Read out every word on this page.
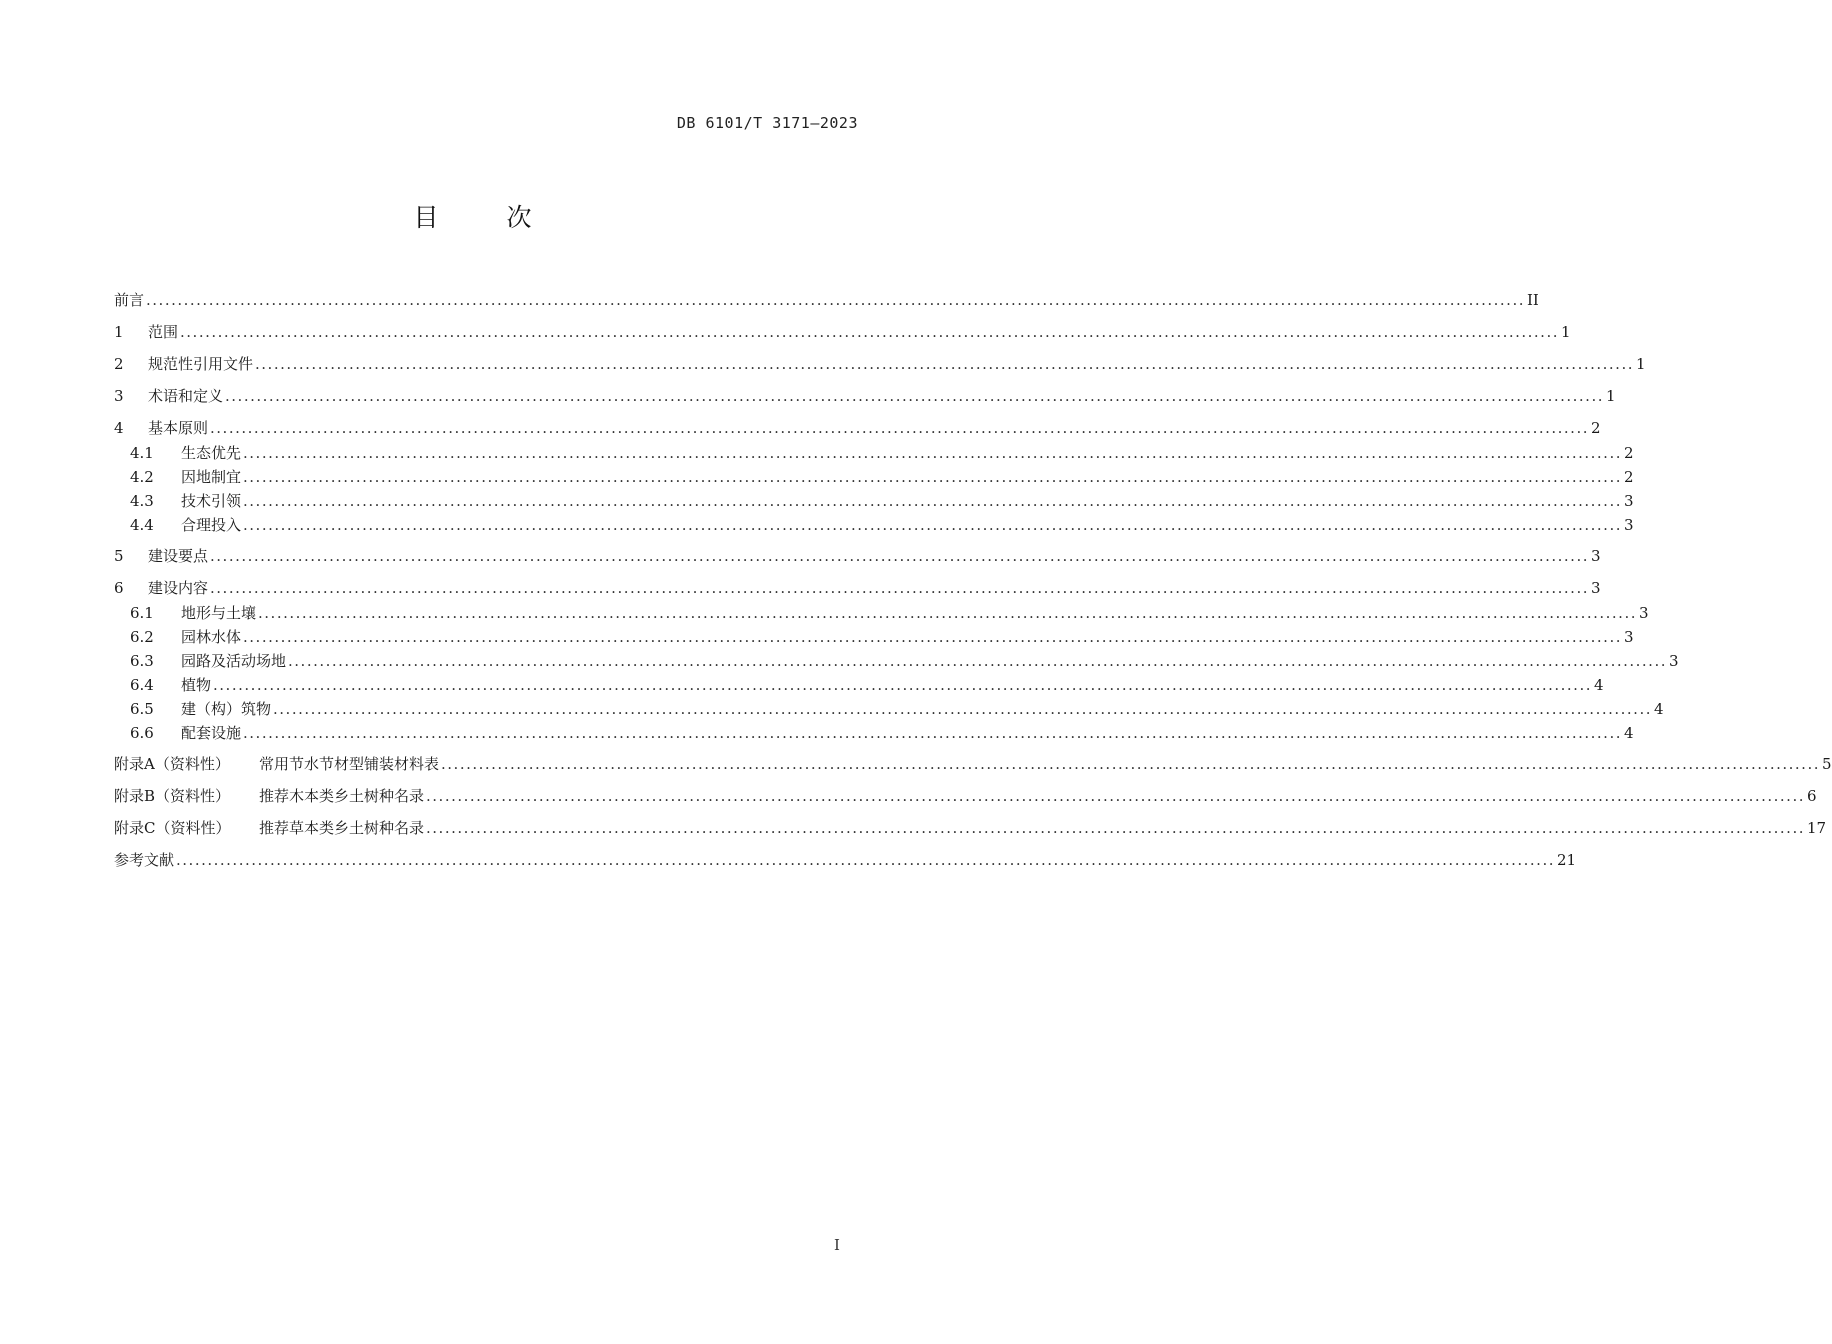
DB 6101/T 3171—2023
目 次
前言 ............................................................................................................................................................................................................................ II
1	范围 ............................................................................................................................................................................................................................ 1
2	规范性引用文件 ............................................................................................................................................................................................................................ 1
3	术语和定义 ............................................................................................................................................................................................................................ 1
4	基本原则 ............................................................................................................................................................................................................................ 2
4.1	生态优先 ............................................................................................................................................................................................................................ 2
4.2	因地制宜 ............................................................................................................................................................................................................................ 2
4.3	技术引领 ............................................................................................................................................................................................................................ 3
4.4	合理投入 ............................................................................................................................................................................................................................ 3
5	建设要点 ............................................................................................................................................................................................................................ 3
6	建设内容 ............................................................................................................................................................................................................................ 3
6.1	地形与土壤 ............................................................................................................................................................................................................................ 3
6.2	园林水体 ............................................................................................................................................................................................................................ 3
6.3	园路及活动场地 ............................................................................................................................................................................................................................ 3
6.4	植物 ............................................................................................................................................................................................................................ 4
6.5	建（构）筑物 ............................................................................................................................................................................................................................ 4
6.6	配套设施 ............................................................................................................................................................................................................................ 4
附录A（资料性）	常用节水节材型铺装材料表 ............................................................................................................................................................................................................................ 5
附录B（资料性）	推荐木本类乡土树种名录 ............................................................................................................................................................................................................................ 6
附录C（资料性）	推荐草本类乡土树种名录 ............................................................................................................................................................................................................................ 17
参考文献 ............................................................................................................................................................................................................................ 21
I
